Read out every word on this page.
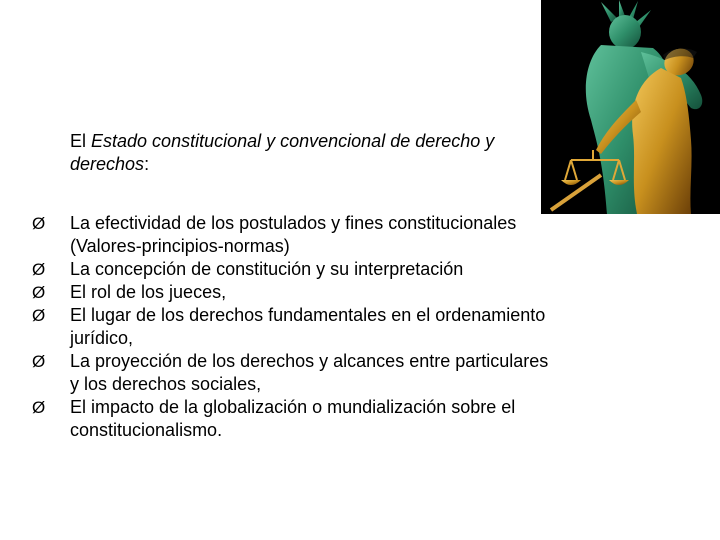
El Estado constitucional y convencional de derecho y derechos:
Ø	La efectividad de los postulados y fines constitucionales (Valores-principios-normas)
Ø	La concepción de constitución y su interpretación
Ø	El rol de los jueces,
Ø	El lugar de los derechos fundamentales en el ordenamiento jurídico,
Ø	La proyección de los derechos y alcances entre particulares y los derechos sociales,
Ø	El impacto de la globalización o mundialización sobre el constitucionalismo.
